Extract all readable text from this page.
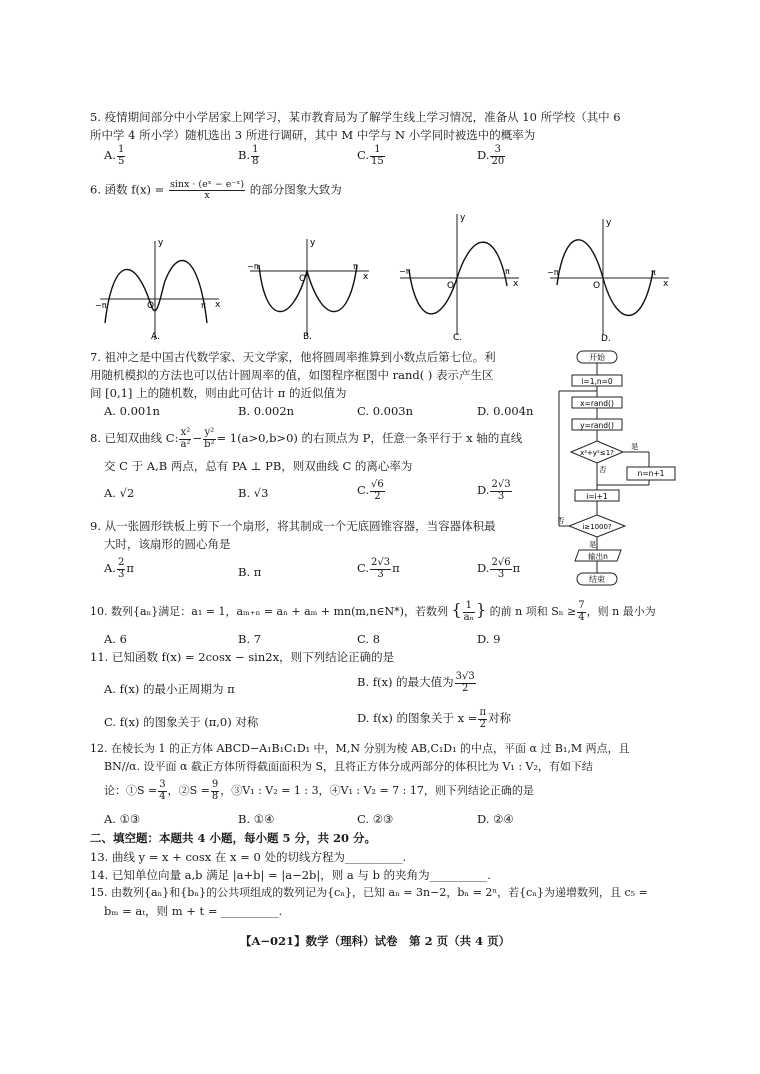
5. 疫情期间部分中小学居家上网学习，某市教育局为了解学生线上学习情况，准备从 10 所学校（其中 6
所中学 4 所小学）随机选出 3 所进行调研，其中 M 中学与 N 小学同时被选中的概率为
A. $\frac{1}{5}$	B. $\frac{1}{8}$	C. $\frac{1}{15}$	D. $\frac{3}{20}$
6. 函数 $f(x) = \frac{\text{sinx · (eˣ − e⁻ˣ)}}{x}$ 的部分图象大致为
y
x
O
−π	π
A.
y
x
O
−π	π
B.
y
x
O
−π	π
C.
y
x
O
−π	π
D.
7. 祖冲之是中国古代数学家、天文学家，他将圆周率推算到小数点后第七位。利
用随机模拟的方法也可以估计圆周率的值，如图程序框图中 rand( ) 表示产生区
间 [0,1] 上的随机数，则由此可估计 π 的近似值为
A. 0.001n	B. 0.002n	C. 0.003n	D. 0.004n
开始
i=1,n=0
x=rand()
y=rand()
x²+y²≤1?
是
否	n=n+1
i=i+1
i≥1000?
否
是
输出n
结束
8. 已知双曲线 C: $\frac{\text{x²}}{\text{a²}} - \frac{\text{y²}}{\text{b²}} = 1(a>0,b>0)$ 的右顶点为 P，任意一条平行于 x 轴的直线
交 C 于 A,B 两点，总有 PA ⊥ PB，则双曲线 C 的离心率为
A. √2	B. √3	C. $\frac{√6}{2}$	D. $\frac{2√3}{3}$
9. 从一张圆形铁板上剪下一个扇形，将其制成一个无底圆锥容器，当容器体积最
大时，该扇形的圆心角是
A. $\frac{2}{3}$ π	B. π	C. $\frac{2√3}{3}$ π	D. $\frac{2√6}{3}$ π
10. 数列{aₙ}满足：a₁ = 1，aₘ₊ₙ = aₙ + aₘ + mn(m,n∈N*)，若数列 { $\frac{1}{\text{aₙ}}$ } 的前 n 项和 $S_n \ge \frac{7}{4}$ ，则 n 最小为
A. 6	B. 7	C. 8	D. 9
11. 已知函数 f(x) = 2cosx − sin2x，则下列结论正确的是
A. f(x) 的最小正周期为 π	B. f(x) 的最大值为 $\frac{3√3}{2}$
C. f(x) 的图象关于 (π,0) 对称	D. f(x) 的图象关于 $x = \frac{\pi}{2}$ 对称
12. 在棱长为 1 的正方体 ABCD−A₁B₁C₁D₁ 中，M,N 分别为棱 AB,C₁D₁ 的中点，平面 α 过 B₁,M 两点，且
BN//α. 设平面 α 截正方体所得截面面积为 S，且将正方体分成两部分的体积比为 V₁ : V₂，有如下结
论：①S = $\frac{3}{4}$ ，②S = $\frac{9}{8}$ ，③V₁ : V₂ = 1 : 3，④V₁ : V₂ = 7 : 17，则下列结论正确的是
A. ①③	B. ①④	C. ②③	D. ②④
二、填空题：本题共 4 小题，每小题 5 分，共 20 分。
13. 曲线 y = x + cosx 在 x = 0 处的切线方程为__________.
14. 已知单位向量 a,b 满足 |a+b| = |a−2b|，则 a 与 b 的夹角为__________.
15. 由数列{aₙ}和{bₙ}的公共项组成的数列记为{cₙ}，已知 aₙ = 3n−2，bₙ = 2ⁿ，若{cₙ}为递增数列，且 c₅ =
bₘ = aₜ，则 m + t = __________.
【A−021】数学（理科）试卷　第 2 页（共 4 页）
